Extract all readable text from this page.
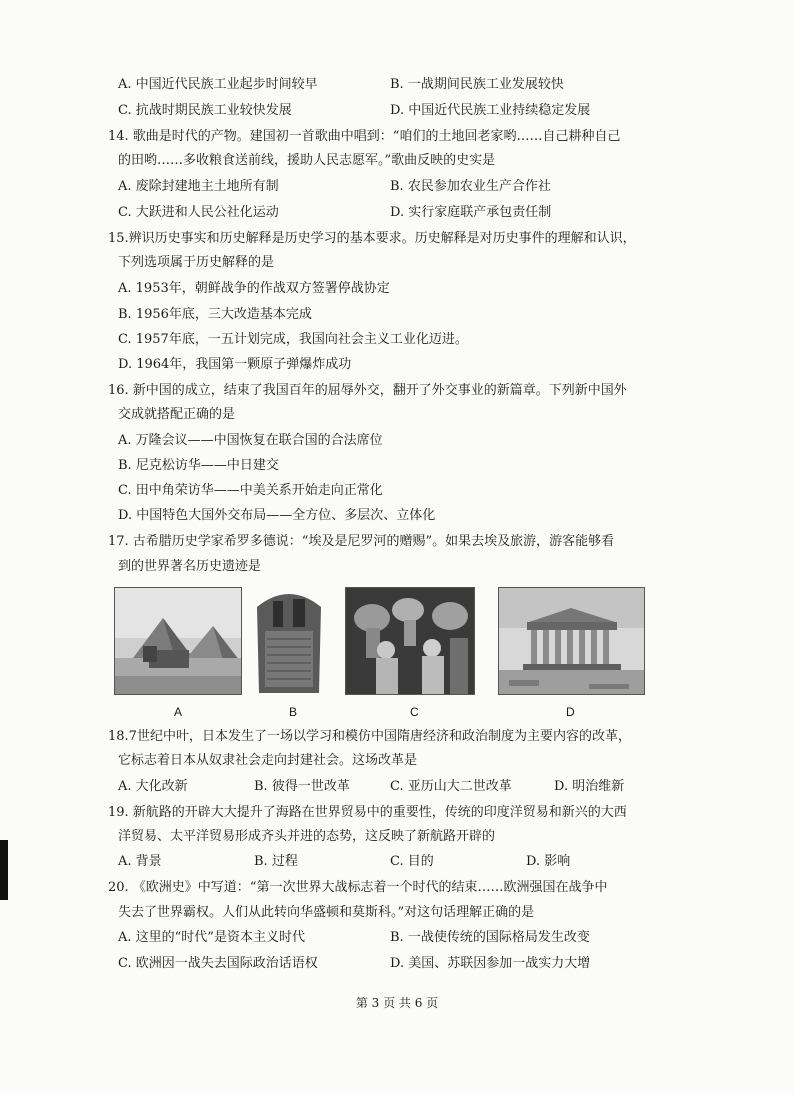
A. 中国近代民族工业起步时间较早	B. 一战期间民族工业发展较快
C. 抗战时期民族工业较快发展	D. 中国近代民族工业持续稳定发展
14. 歌曲是时代的产物。建国初一首歌曲中唱到：“咱们的土地回老家哟……自己耕种自己
的田哟……多收粮食送前线，援助人民志愿军。”歌曲反映的史实是
A. 废除封建地主土地所有制	B. 农民参加农业生产合作社
C. 大跃进和人民公社化运动	D. 实行家庭联产承包责任制
15.辨识历史事实和历史解释是历史学习的基本要求。历史解释是对历史事件的理解和认识，
下列选项属于历史解释的是
A. 1953年，朝鲜战争的作战双方签署停战协定
B. 1956年底，三大改造基本完成
C. 1957年底，一五计划完成，我国向社会主义工业化迈进。
D. 1964年，我国第一颗原子弹爆炸成功
16. 新中国的成立，结束了我国百年的屈辱外交，翻开了外交事业的新篇章。下列新中国外
交成就搭配正确的是
A. 万隆会议——中国恢复在联合国的合法席位
B. 尼克松访华——中日建交
C. 田中角荣访华——中美关系开始走向正常化
D. 中国特色大国外交布局——全方位、多层次、立体化
17. 古希腊历史学家希罗多德说：“埃及是尼罗河的赠赐”。如果去埃及旅游，游客能够看
到的世界著名历史遗迹是
A	B	C	D
18.7世纪中叶，日本发生了一场以学习和模仿中国隋唐经济和政治制度为主要内容的改革，
它标志着日本从奴隶社会走向封建社会。这场改革是
A. 大化改新	B. 彼得一世改革	C. 亚历山大二世改革	D. 明治维新
19. 新航路的开辟大大提升了海路在世界贸易中的重要性，传统的印度洋贸易和新兴的大西
洋贸易、太平洋贸易形成齐头并进的态势，这反映了新航路开辟的
A. 背景	B. 过程	C. 目的	D. 影响
20. 《欧洲史》中写道：“第一次世界大战标志着一个时代的结束……欧洲强国在战争中
失去了世界霸权。人们从此转向华盛顿和莫斯科。”对这句话理解正确的是
A. 这里的“时代”是资本主义时代	B. 一战使传统的国际格局发生改变
C. 欧洲因一战失去国际政治话语权	D. 美国、苏联因参加一战实力大增
第 3 页 共 6 页
